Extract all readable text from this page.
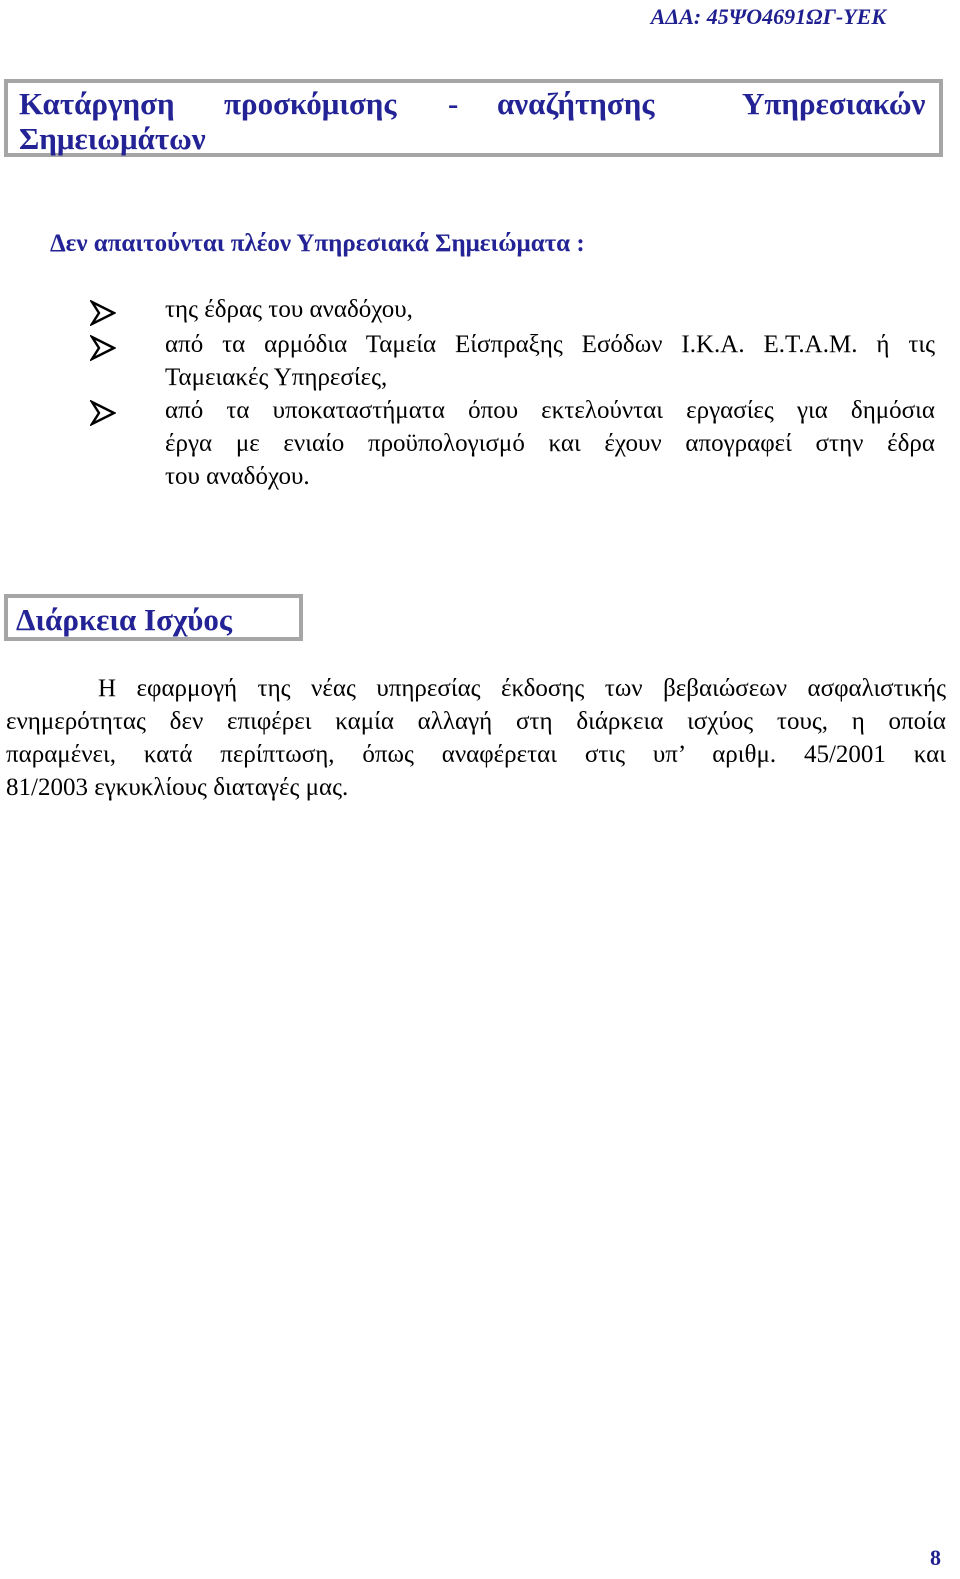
ΑΔΑ: 45ΨΟ4691ΩΓ-ΥΕΚ
Κατάργηση προσκόμισης - αναζήτησης	Υπηρεσιακών
Σημειωμάτων
Δεν απαιτούνται πλέον Υπηρεσιακά Σημειώματα :
της έδρας του αναδόχου,
από τα αρμόδια Ταμεία Είσπραξης Εσόδων Ι.Κ.Α. Ε.Τ.Α.Μ. ή τις
Ταμειακές Υπηρεσίες,
από τα υποκαταστήματα όπου εκτελούνται εργασίες για δημόσια
έργα με ενιαίο προϋπολογισμό και έχουν απογραφεί στην έδρα
του αναδόχου.
Διάρκεια Ισχύος
Η εφαρμογή της νέας υπηρεσίας έκδοσης των βεβαιώσεων ασφαλιστικής
ενημερότητας δεν επιφέρει καμία αλλαγή στη διάρκεια ισχύος τους, η οποία
παραμένει, κατά περίπτωση, όπως αναφέρεται στις υπ’ αριθμ. 45/2001 και
81/2003 εγκυκλίους διαταγές μας.
8
